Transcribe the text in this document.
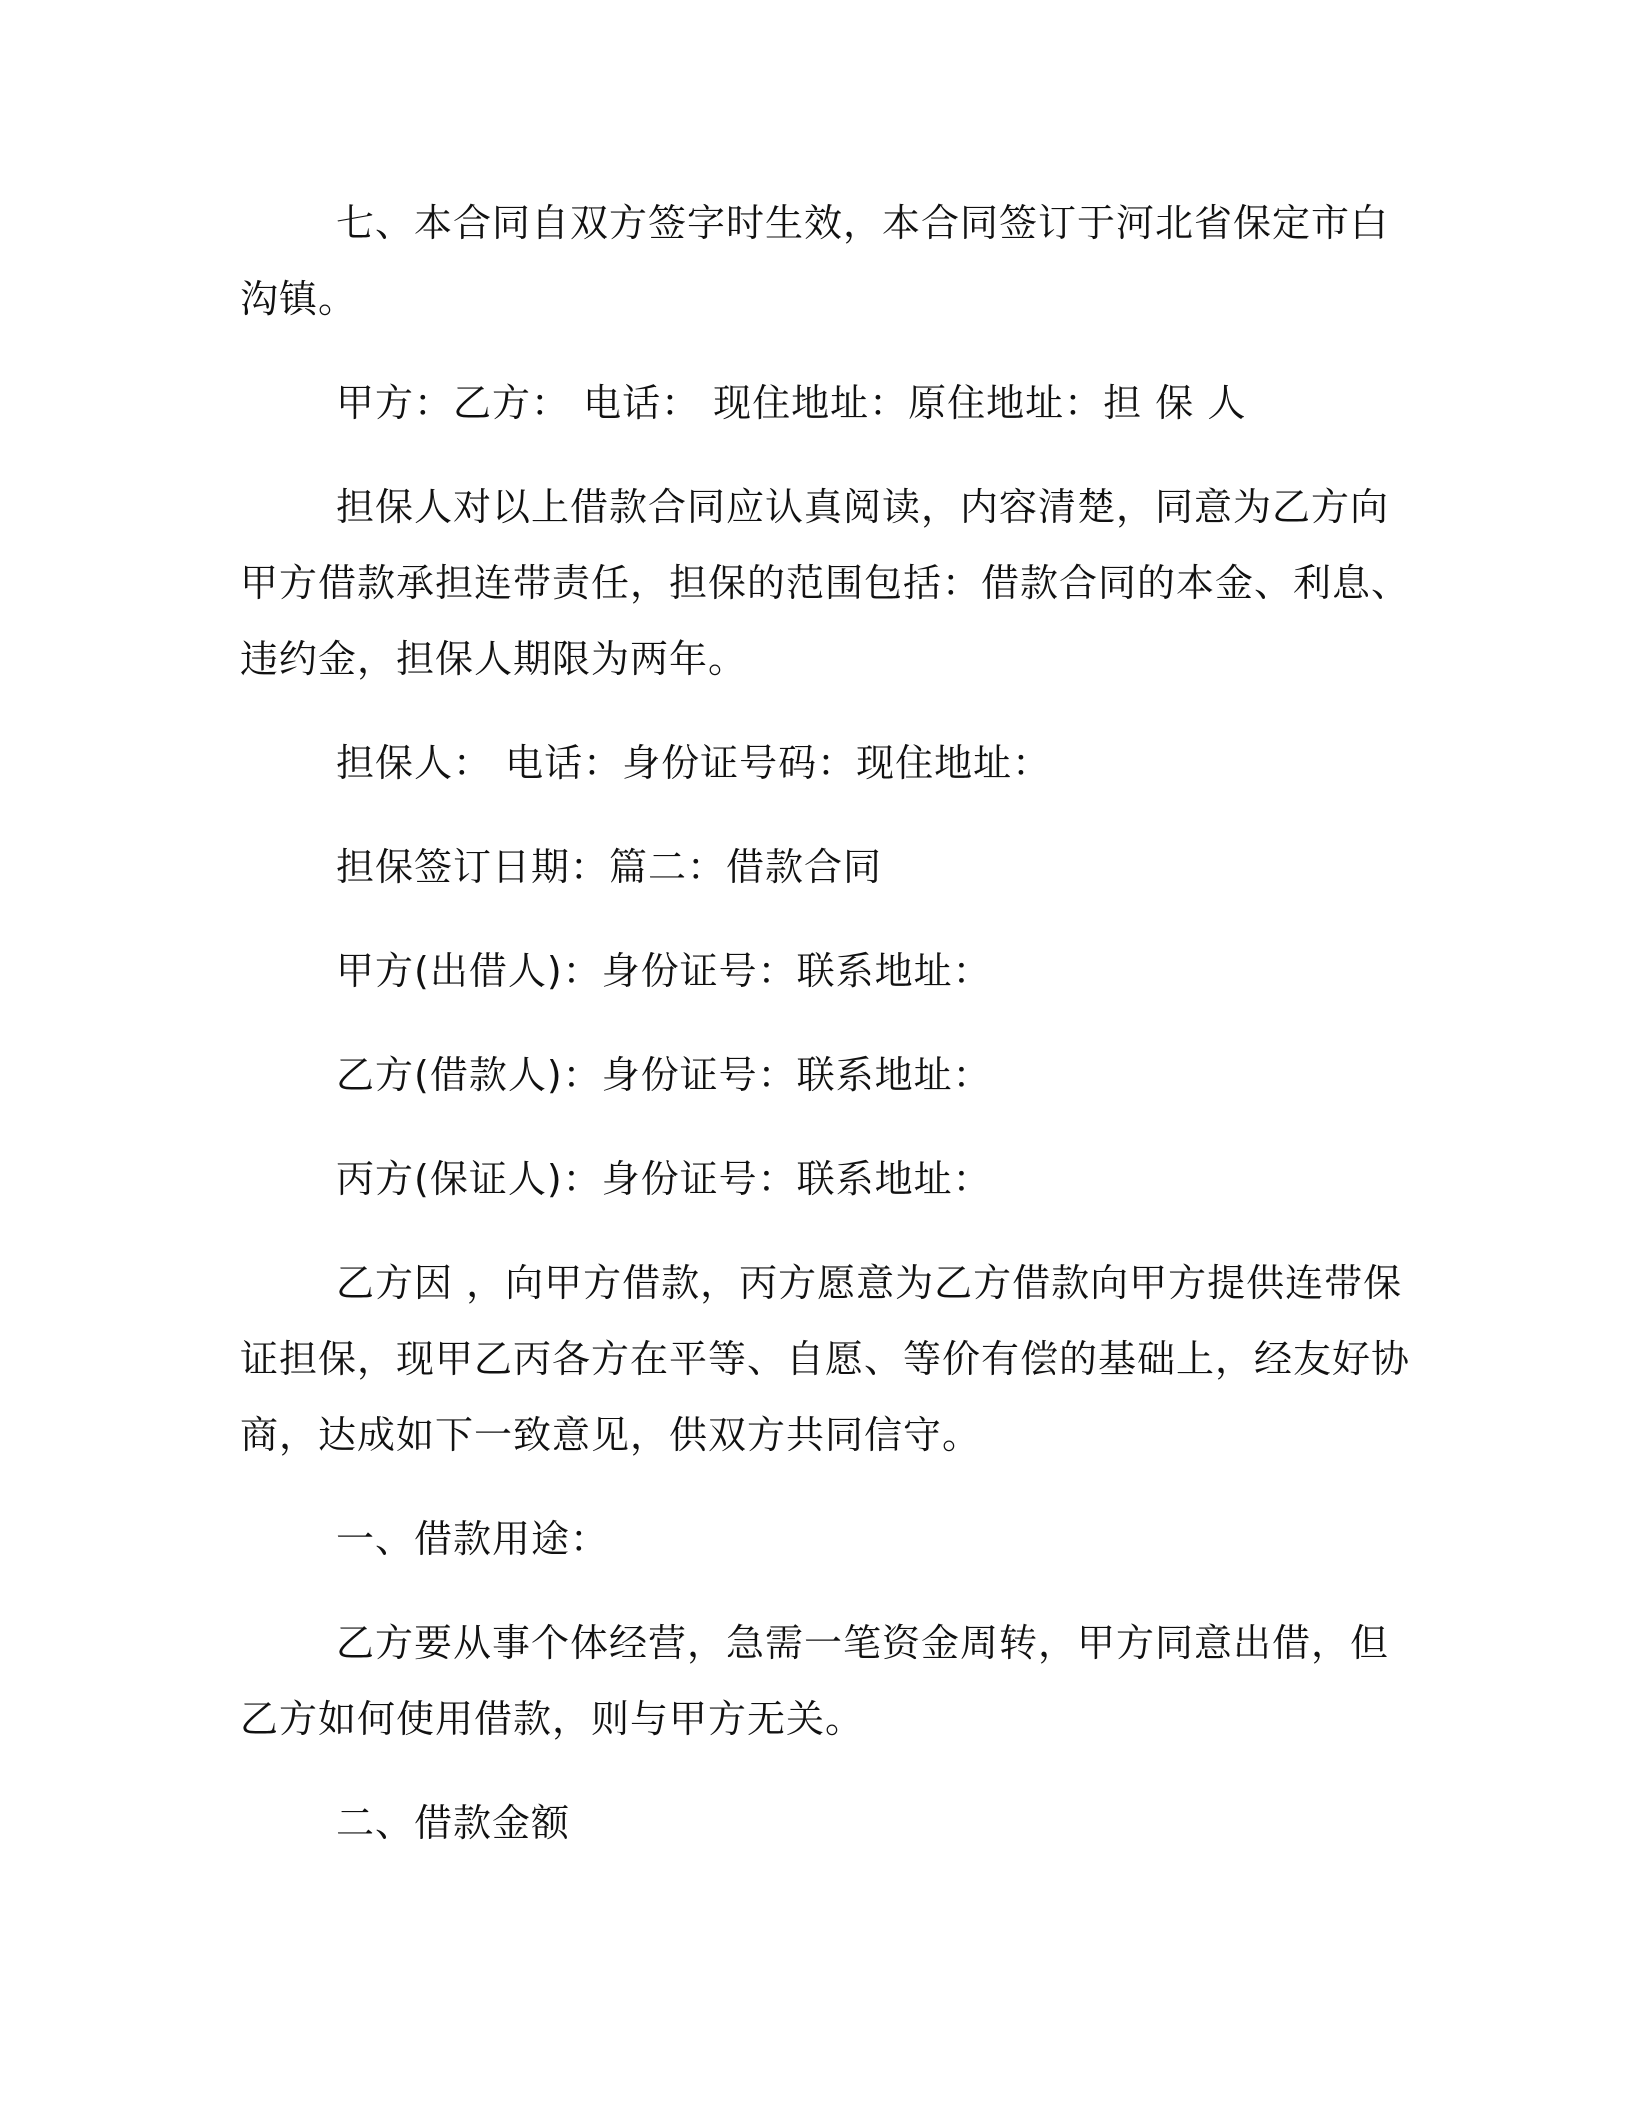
七、本合同自双方签字时生效，本合同签订于河北省保定市白沟镇。

甲方：乙方： 电话： 现住地址：原住地址：担 保 人

担保人对以上借款合同应认真阅读，内容清楚，同意为乙方向甲方借款承担连带责任，担保的范围包括：借款合同的本金、利息、违约金，担保人期限为两年。

担保人： 电话：身份证号码：现住地址：

担保签订日期：篇二：借款合同

甲方(出借人)：身份证号：联系地址：

乙方(借款人)：身份证号：联系地址：

丙方(保证人)：身份证号：联系地址：

乙方因 ，向甲方借款，丙方愿意为乙方借款向甲方提供连带保证担保，现甲乙丙各方在平等、自愿、等价有偿的基础上，经友好协商，达成如下一致意见，供双方共同信守。

一、借款用途：

乙方要从事个体经营，急需一笔资金周转，甲方同意出借，但乙方如何使用借款，则与甲方无关。

二、借款金额
